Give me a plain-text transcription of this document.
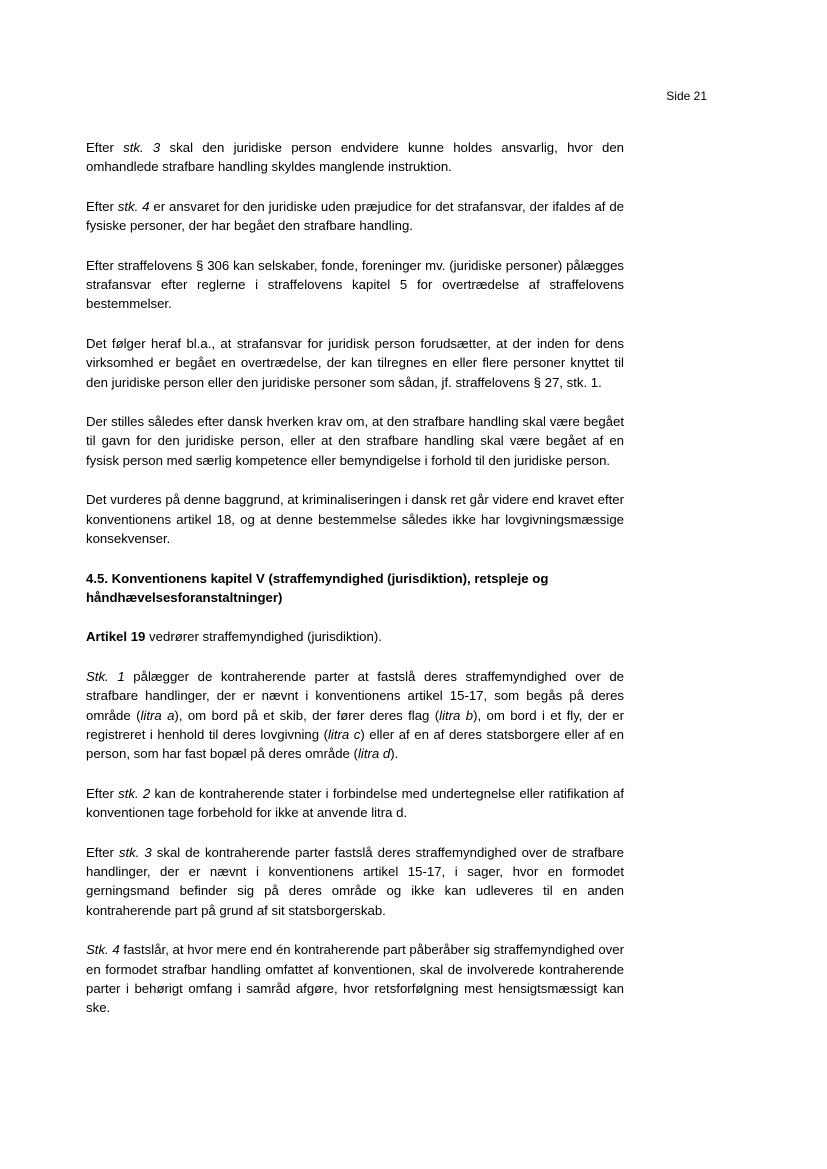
Side 21

Efter stk. 3 skal den juridiske person endvidere kunne holdes ansvarlig, hvor den omhandlede strafbare handling skyldes manglende instruktion.

Efter stk. 4 er ansvaret for den juridiske uden præjudice for det strafansvar, der ifaldes af de fysiske personer, der har begået den strafbare handling.

Efter straffelovens § 306 kan selskaber, fonde, foreninger mv. (juridiske personer) pålægges strafansvar efter reglerne i straffelovens kapitel 5 for overtrædelse af straffelovens bestemmelser.

Det følger heraf bl.a., at strafansvar for juridisk person forudsætter, at der inden for dens virksomhed er begået en overtrædelse, der kan tilregnes en eller flere personer knyttet til den juridiske person eller den juridiske personer som sådan, jf. straffelovens § 27, stk. 1.

Der stilles således efter dansk hverken krav om, at den strafbare handling skal være begået til gavn for den juridiske person, eller at den strafbare handling skal være begået af en fysisk person med særlig kompetence eller bemyndigelse i forhold til den juridiske person.

Det vurderes på denne baggrund, at kriminaliseringen i dansk ret går videre end kravet efter konventionens artikel 18, og at denne bestemmelse således ikke har lovgivningsmæssige konsekvenser.

4.5. Konventionens kapitel V (straffemyndighed (jurisdiktion), retspleje og håndhævelsesforanstaltninger)

Artikel 19 vedrører straffemyndighed (jurisdiktion).

Stk. 1 pålægger de kontraherende parter at fastslå deres straffemyndighed over de strafbare handlinger, der er nævnt i konventionens artikel 15-17, som begås på deres område (litra a), om bord på et skib, der fører deres flag (litra b), om bord i et fly, der er registreret i henhold til deres lovgivning (litra c) eller af en af deres statsborgere eller af en person, som har fast bopæl på deres område (litra d).

Efter stk. 2 kan de kontraherende stater i forbindelse med undertegnelse eller ratifikation af konventionen tage forbehold for ikke at anvende litra d.

Efter stk. 3 skal de kontraherende parter fastslå deres straffemyndighed over de strafbare handlinger, der er nævnt i konventionens artikel 15-17, i sager, hvor en formodet gerningsmand befinder sig på deres område og ikke kan udleveres til en anden kontraherende part på grund af sit statsborgerskab.

Stk. 4 fastslår, at hvor mere end én kontraherende part påberåber sig straffemyndighed over en formodet strafbar handling omfattet af konventionen, skal de involverede kontraherende parter i behørigt omfang i samråd afgøre, hvor retsforfølgning mest hensigtsmæssigt kan ske.
